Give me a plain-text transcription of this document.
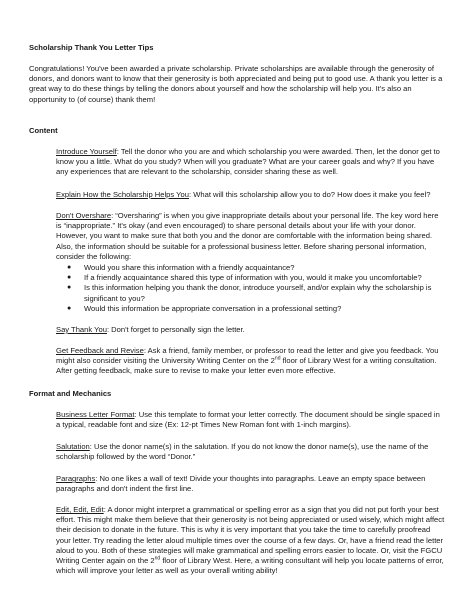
Scholarship Thank You Letter Tips

Congratulations! You've been awarded a private scholarship. Private scholarships are available through the generosity of donors, and donors want to know that their generosity is both appreciated and being put to good use. A thank you letter is a great way to do these things by telling the donors about yourself and how the scholarship will help you. It's also an opportunity to (of course) thank them!

Content

Introduce Yourself: Tell the donor who you are and which scholarship you were awarded. Then, let the donor get to know you a little. What do you study? When will you graduate? What are your career goals and why? If you have any experiences that are relevant to the scholarship, consider sharing these as well.

Explain How the Scholarship Helps You: What will this scholarship allow you to do? How does it make you feel?

Don't Overshare: “Oversharing” is when you give inappropriate details about your personal life. The key word here is “inappropriate.” It's okay (and even encouraged) to share personal details about your life with your donor. However, you want to make sure that both you and the donor are comfortable with the information being shared. Also, the information should be suitable for a professional business letter. Before sharing personal information, consider the following:

● Would you share this information with a friendly acquaintance?
● If a friendly acquaintance shared this type of information with you, would it make you uncomfortable?
● Is this information helping you thank the donor, introduce yourself, and/or explain why the scholarship is significant to you?
● Would this information be appropriate conversation in a professional setting?

Say Thank You: Don't forget to personally sign the letter.

Get Feedback and Revise: Ask a friend, family member, or professor to read the letter and give you feedback. You might also consider visiting the University Writing Center on the 2nd floor of Library West for a writing consultation. After getting feedback, make sure to revise to make your letter even more effective.

Format and Mechanics

Business Letter Format: Use this template to format your letter correctly. The document should be single spaced in a typical, readable font and size (Ex: 12-pt Times New Roman font with 1-inch margins).

Salutation: Use the donor name(s) in the salutation. If you do not know the donor name(s), use the name of the scholarship followed by the word “Donor.”

Paragraphs: No one likes a wall of text! Divide your thoughts into paragraphs. Leave an empty space between paragraphs and don't indent the first line.

Edit, Edit, Edit: A donor might interpret a grammatical or spelling error as a sign that you did not put forth your best effort. This might make them believe that their generosity is not being appreciated or used wisely, which might affect their decision to donate in the future. This is why it is very important that you take the time to carefully proofread your letter. Try reading the letter aloud multiple times over the course of a few days. Or, have a friend read the letter aloud to you. Both of these strategies will make grammatical and spelling errors easier to locate. Or, visit the FGCU Writing Center again on the 2nd floor of Library West. Here, a writing consultant will help you locate patterns of error, which will improve your letter as well as your overall writing ability!
